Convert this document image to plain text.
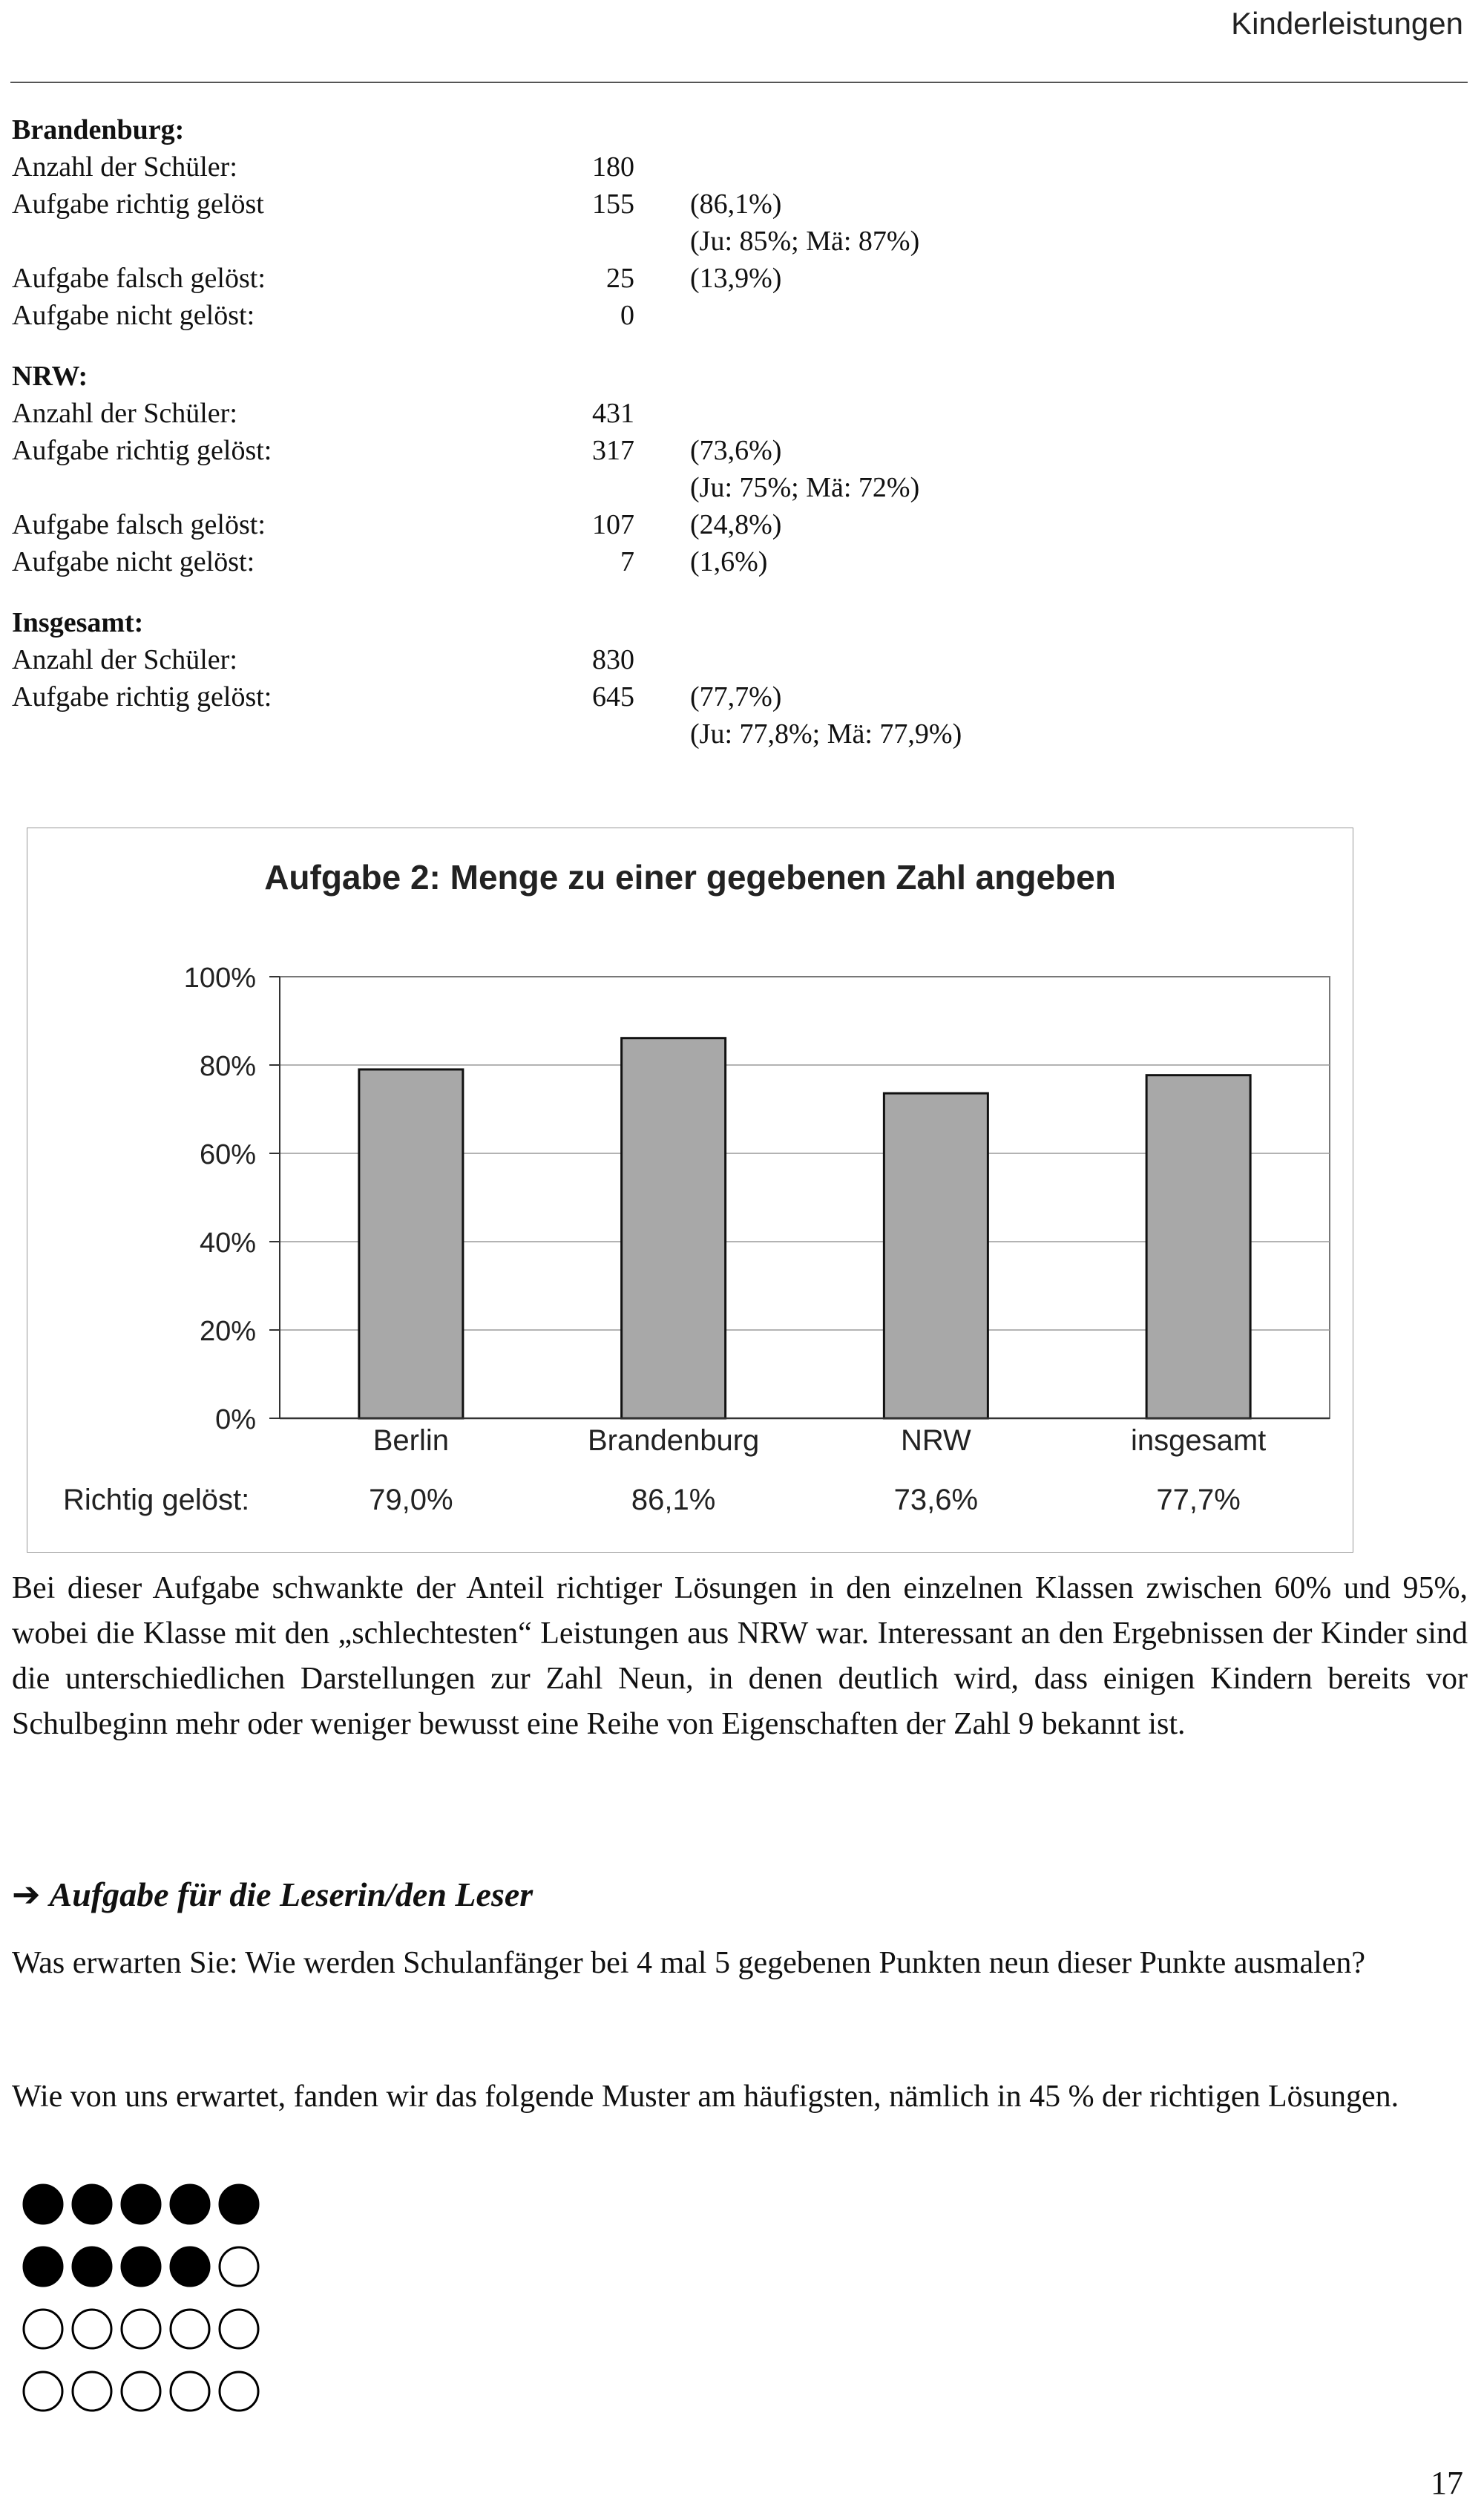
Kinderleistungen
Brandenburg:
Anzahl der Schüler:	180
Aufgabe richtig gelöst	155 (86,1%)
(Ju: 85%; Mä: 87%)
Aufgabe falsch gelöst:	25 (13,9%)
Aufgabe nicht gelöst:	0
NRW:
Anzahl der Schüler:	431
Aufgabe richtig gelöst:	317 (73,6%)
(Ju: 75%; Mä: 72%)
Aufgabe falsch gelöst:	107 (24,8%)
Aufgabe nicht gelöst:	7 (1,6%)
Insgesamt:
Anzahl der Schüler:	830
Aufgabe richtig gelöst:	645 (77,7%)
(Ju: 77,8%; Mä: 77,9%)
Aufgabe 2: Menge zu einer gegebenen Zahl angeben
0%
20%
40%
60%
80%
100%
Berlin
79,0%
Brandenburg
86,1%
NRW
73,6%
insgesamt
77,7%
Richtig gelöst:
Bei dieser Aufgabe schwankte der Anteil richtiger Lösungen in den einzelnen Klassen zwischen 60% und 95%, wobei die Klasse mit den „schlechtesten“ Leistungen aus NRW war. Interessant an den Ergebnissen der Kinder sind die unterschiedlichen Darstellungen zur Zahl Neun, in denen deutlich wird, dass einigen Kindern bereits vor Schulbeginn mehr oder weniger bewusst eine Reihe von Eigenschaften der Zahl 9 bekannt ist.
➔ Aufgabe für die Leserin/den Leser
Was erwarten Sie: Wie werden Schulanfänger bei 4 mal 5 gegebenen Punkten neun dieser Punkte ausmalen?
Wie von uns erwartet, fanden wir das folgende Muster am häufigsten, nämlich in 45 % der richtigen Lösungen.
17
